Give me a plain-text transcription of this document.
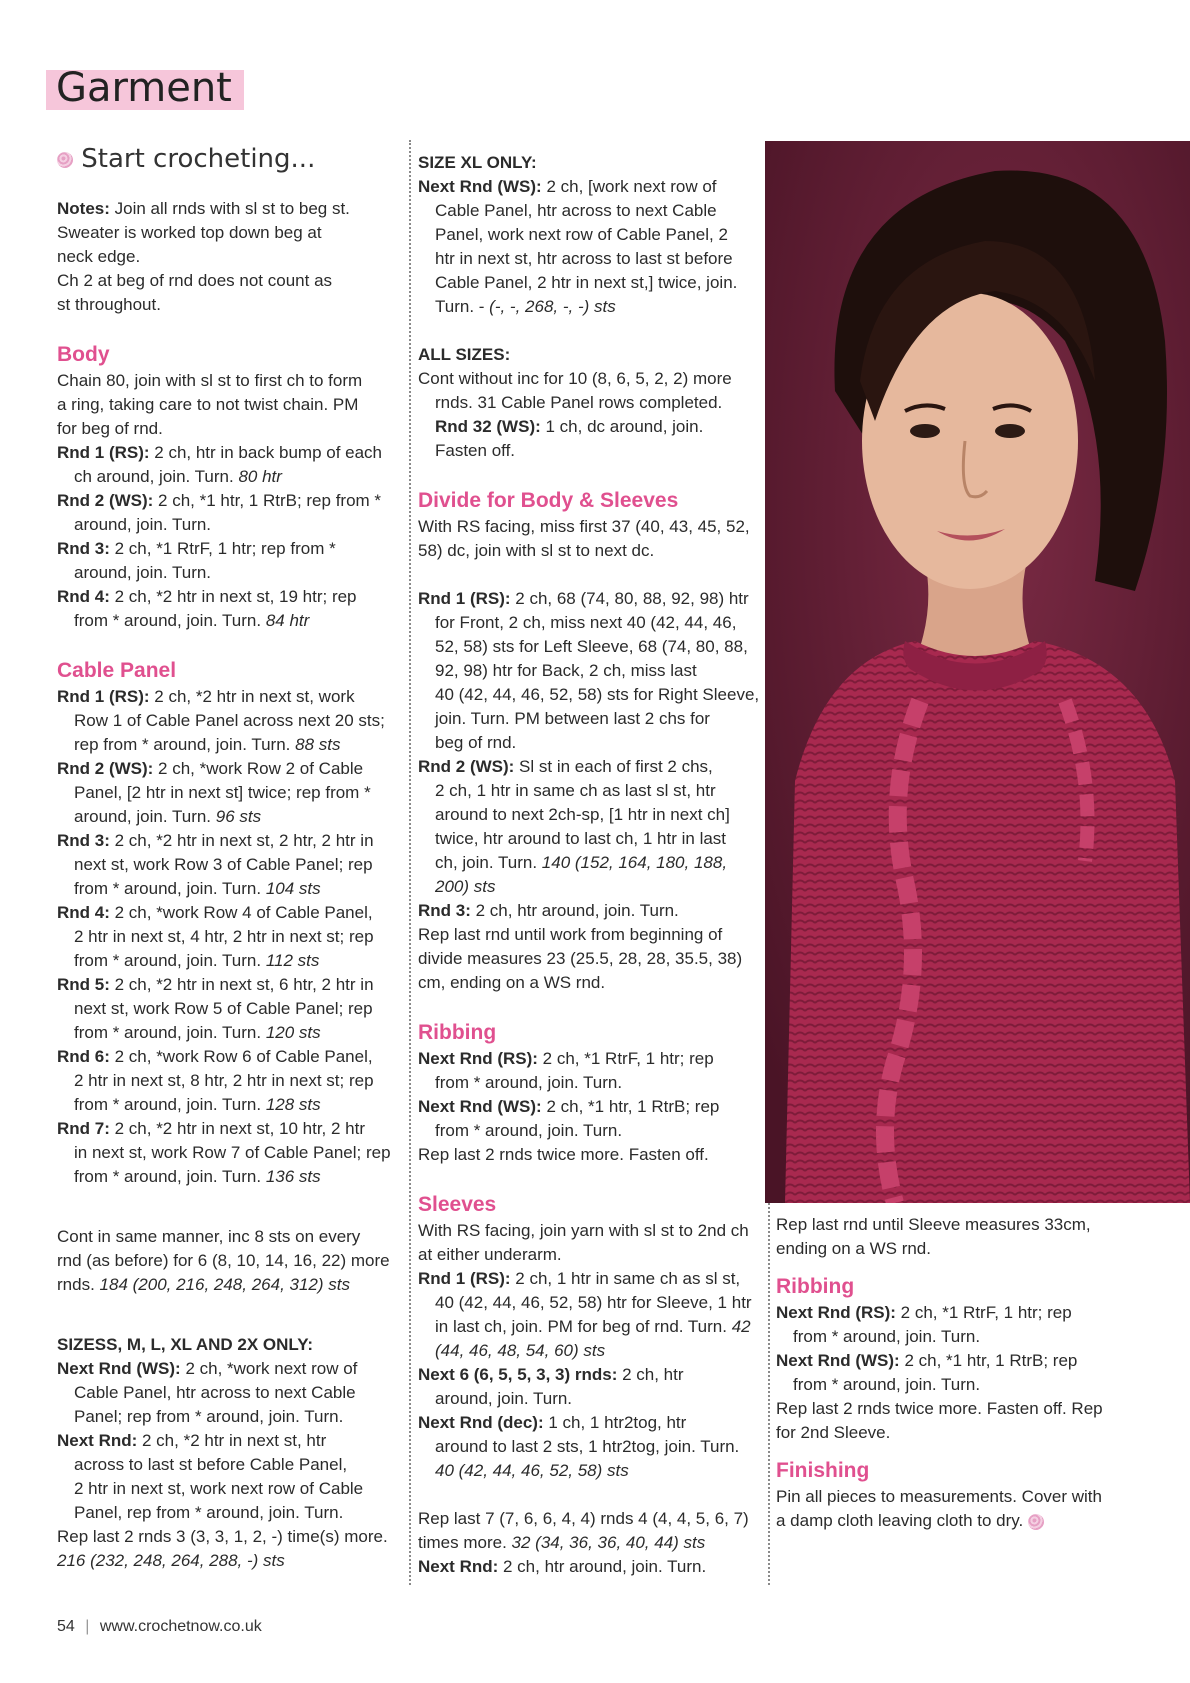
Garment
Start crocheting...

Notes: Join all rnds with sl st to beg st.

Sweater is worked top down beg at

neck edge.

Ch 2 at beg of rnd does not count as

st throughout.

Body

Chain 80, join with sl st to first ch to form

a ring, taking care to not twist chain. PM

for beg of rnd.

Rnd 1 (RS): 2 ch, htr in back bump of each
ch around, join. Turn. 80 htr
Rnd 2 (WS): 2 ch, *1 htr, 1 RtrB; rep from *
around, join. Turn.
Rnd 3: 2 ch, *1 RtrF, 1 htr; rep from *
around, join. Turn.
Rnd 4: 2 ch, *2 htr in next st, 19 htr; rep
from * around, join. Turn. 84 htr

Cable Panel

Rnd 1 (RS): 2 ch, *2 htr in next st, work
Row 1 of Cable Panel across next 20 sts;
rep from * around, join. Turn. 88 sts
Rnd 2 (WS): 2 ch, *work Row 2 of Cable
Panel, [2 htr in next st] twice; rep from *
around, join. Turn. 96 sts
Rnd 3: 2 ch, *2 htr in next st, 2 htr, 2 htr in
next st, work Row 3 of Cable Panel; rep
from * around, join. Turn. 104 sts
Rnd 4: 2 ch, *work Row 4 of Cable Panel,
2 htr in next st, 4 htr, 2 htr in next st; rep
from * around, join. Turn. 112 sts
Rnd 5: 2 ch, *2 htr in next st, 6 htr, 2 htr in
next st, work Row 5 of Cable Panel; rep
from * around, join. Turn. 120 sts
Rnd 6: 2 ch, *work Row 6 of Cable Panel,
2 htr in next st, 8 htr, 2 htr in next st; rep
from * around, join. Turn. 128 sts
Rnd 7: 2 ch, *2 htr in next st, 10 htr, 2 htr
in next st, work Row 7 of Cable Panel; rep
from * around, join. Turn. 136 sts

Cont in same manner, inc 8 sts on every

rnd (as before) for 6 (8, 10, 14, 16, 22) more

rnds. 184 (200, 216, 248, 264, 312) sts

SIZESS, M, L, XL AND 2X ONLY:

Next Rnd (WS): 2 ch, *work next row of
Cable Panel, htr across to next Cable
Panel; rep from * around, join. Turn.
Next Rnd: 2 ch, *2 htr in next st, htr
across to last st before Cable Panel,
2 htr in next st, work next row of Cable
Panel, rep from * around, join. Turn.

Rep last 2 rnds 3 (3, 3, 1, 2, -) time(s) more.

216 (232, 248, 264, 288, -) sts

SIZE XL ONLY:

Next Rnd (WS): 2 ch, [work next row of
Cable Panel, htr across to next Cable
Panel, work next row of Cable Panel, 2
htr in next st, htr across to last st before
Cable Panel, 2 htr in next st,] twice, join.
Turn. - (-, -, 268, -, -) sts

ALL SIZES:

Cont without inc for 10 (8, 6, 5, 2, 2) more
rnds. 31 Cable Panel rows completed.
Rnd 32 (WS): 1 ch, dc around, join.
Fasten off.

Divide for Body & Sleeves

With RS facing, miss first 37 (40, 43, 45, 52,

58) dc, join with sl st to next dc.

Rnd 1 (RS): 2 ch, 68 (74, 80, 88, 92, 98) htr
for Front, 2 ch, miss next 40 (42, 44, 46,
52, 58) sts for Left Sleeve, 68 (74, 80, 88,
92, 98) htr for Back, 2 ch, miss last
40 (42, 44, 46, 52, 58) sts for Right Sleeve,
join. Turn. PM between last 2 chs for
beg of rnd.
Rnd 2 (WS): Sl st in each of first 2 chs,
2 ch, 1 htr in same ch as last sl st, htr
around to next 2ch-sp, [1 htr in next ch]
twice, htr around to last ch, 1 htr in last
ch, join. Turn. 140 (152, 164, 180, 188,
200) sts
Rnd 3: 2 ch, htr around, join. Turn.

Rep last rnd until work from beginning of

divide measures 23 (25.5, 28, 28, 35.5, 38)

cm, ending on a WS rnd.

Ribbing

Next Rnd (RS): 2 ch, *1 RtrF, 1 htr; rep
from * around, join. Turn.
Next Rnd (WS): 2 ch, *1 htr, 1 RtrB; rep
from * around, join. Turn.

Rep last 2 rnds twice more. Fasten off.

Sleeves

With RS facing, join yarn with sl st to 2nd ch

at either underarm.

Rnd 1 (RS): 2 ch, 1 htr in same ch as sl st,
40 (42, 44, 46, 52, 58) htr for Sleeve, 1 htr
in last ch, join. PM for beg of rnd. Turn. 42
(44, 46, 48, 54, 60) sts
Next 6 (6, 5, 5, 3, 3) rnds: 2 ch, htr
around, join. Turn.
Next Rnd (dec): 1 ch, 1 htr2tog, htr
around to last 2 sts, 1 htr2tog, join. Turn.
40 (42, 44, 46, 52, 58) sts

Rep last 7 (7, 6, 6, 4, 4) rnds 4 (4, 4, 5, 6, 7)

times more. 32 (34, 36, 36, 40, 44) sts

Next Rnd: 2 ch, htr around, join. Turn.

Rep last rnd until Sleeve measures 33cm,

ending on a WS rnd.

Ribbing

Next Rnd (RS): 2 ch, *1 RtrF, 1 htr; rep
from * around, join. Turn.
Next Rnd (WS): 2 ch, *1 htr, 1 RtrB; rep
from * around, join. Turn.

Rep last 2 rnds twice more. Fasten off. Rep

for 2nd Sleeve.

Finishing

Pin all pieces to measurements. Cover with

a damp cloth leaving cloth to dry.

54 | www.crochetnow.co.uk
